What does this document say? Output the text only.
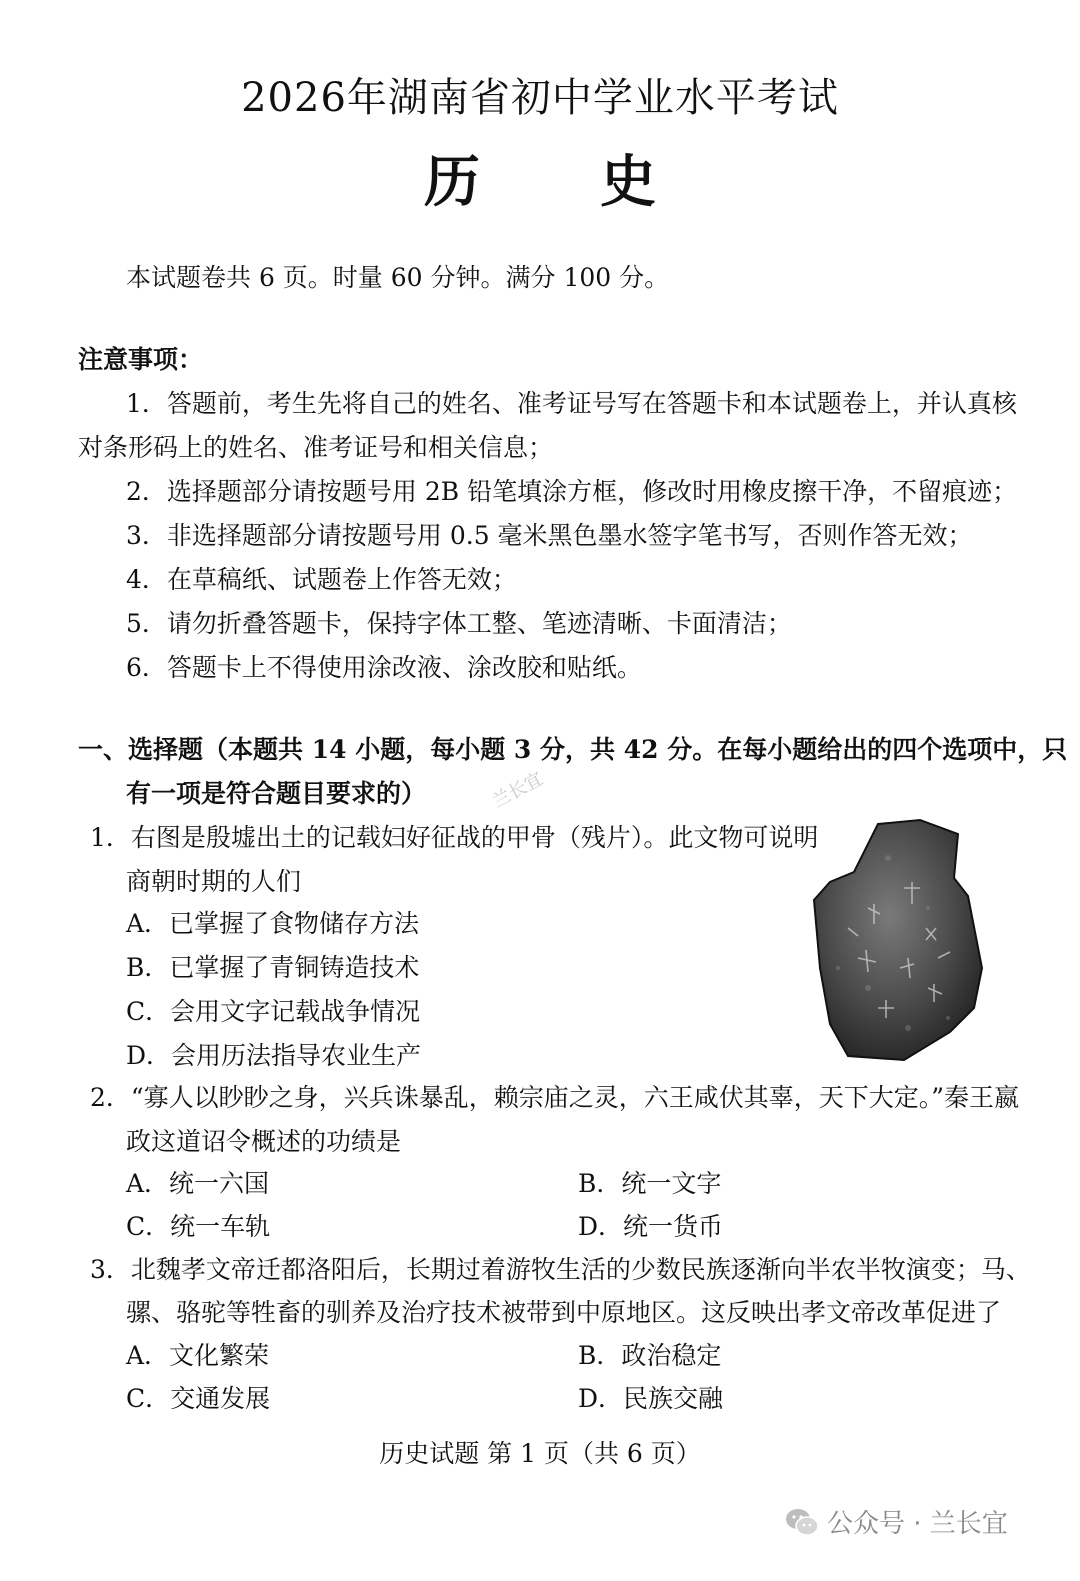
2026年湖南省初中学业水平考试
历史
本试题卷共 6 页。时量 60 分钟。满分 100 分。
注意事项：
1．答题前，考生先将自己的姓名、准考证号写在答题卡和本试题卷上，并认真核
对条形码上的姓名、准考证号和相关信息；
2．选择题部分请按题号用 2B 铅笔填涂方框，修改时用橡皮擦干净，不留痕迹；
3．非选择题部分请按题号用 0.5 毫米黑色墨水签字笔书写，否则作答无效；
4．在草稿纸、试题卷上作答无效；
5．请勿折叠答题卡，保持字体工整、笔迹清晰、卡面清洁；
6．答题卡上不得使用涂改液、涂改胶和贴纸。
一、选择题（本题共 14 小题，每小题 3 分，共 42 分。在每小题给出的四个选项中，只
有一项是符合题目要求的）	兰长宜
1．右图是殷墟出土的记载妇好征战的甲骨（残片）。此文物可说明
商朝时期的人们
A．已掌握了食物储存方法
B．已掌握了青铜铸造技术
C．会用文字记载战争情况
D．会用历法指导农业生产
2．“寡人以眇眇之身，兴兵诛暴乱，赖宗庙之灵，六王咸伏其辜，天下大定。”秦王嬴
政这道诏令概述的功绩是
A．统一六国	B．统一文字
C．统一车轨	D．统一货币
3．北魏孝文帝迁都洛阳后，长期过着游牧生活的少数民族逐渐向半农半牧演变；马、
骡、骆驼等牲畜的驯养及治疗技术被带到中原地区。这反映出孝文帝改革促进了
A．文化繁荣	B．政治稳定
C．交通发展	D．民族交融
历史试题 第 1 页（共 6 页）
公众号 · 兰长宜
